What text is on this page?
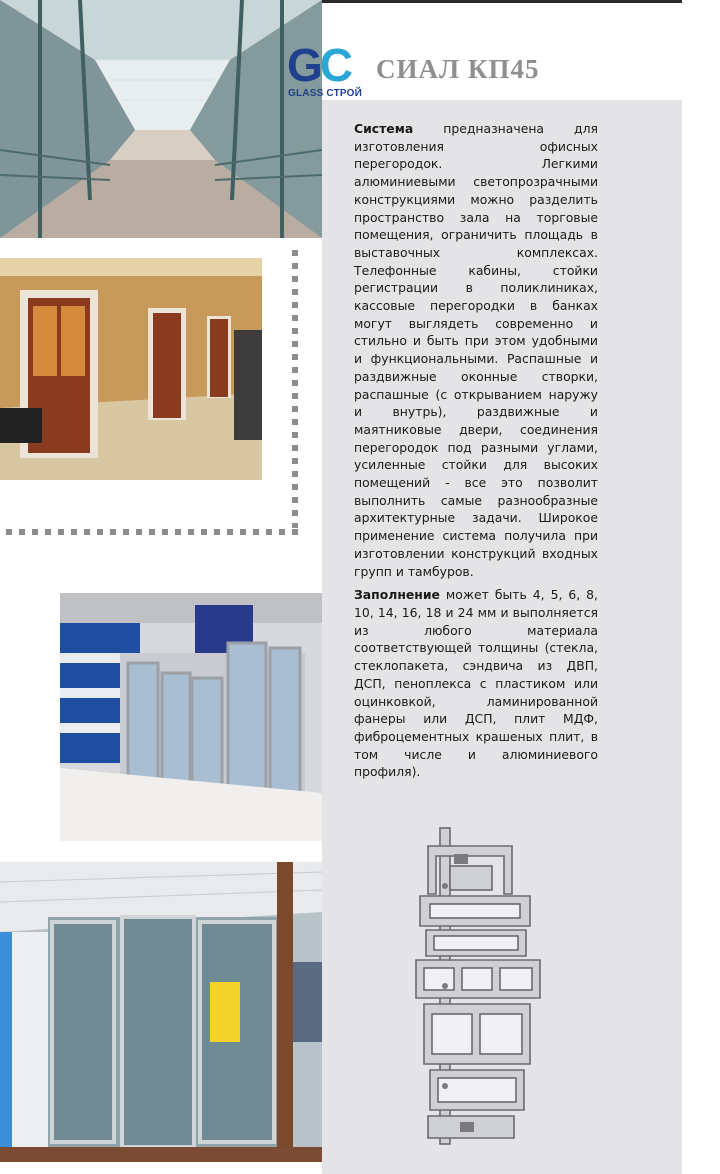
GC
GLASS СТРОЙ
СИАЛ КП45

Система предназначена для изготовления офисных перегородок. Легкими алюминиевыми светопрозрачными конструкциями можно разделить пространство зала на торговые помещения, ограничить площадь в выставочных комплексах. Телефонные кабины, стойки регистрации в поликлиниках, кассовые перегородки в банках могут выглядеть современно и стильно и быть при этом удобными и функциональными. Распашные и раздвижные оконные створки, распашные (с открыванием наружу и внутрь), раздвижные и маятниковые двери, соединения перегородок под разными углами, усиленные стойки для высоких помещений - все это позволит выполнить самые разнообразные архитектурные задачи. Широкое применение система получила при изготовлении конструкций входных групп и тамбуров.

Заполнение может быть 4, 5, 6, 8, 10, 14, 16, 18 и 24 мм и выполняется из любого материала соответствующей толщины (стекла, стеклопакета, сэндвича из ДВП, ДСП, пеноплекса с пластиком или оцинковкой, ламинированной фанеры или ДСП, плит МДФ, фиброцементных крашеных плит, в том числе и алюминиевого профиля).
